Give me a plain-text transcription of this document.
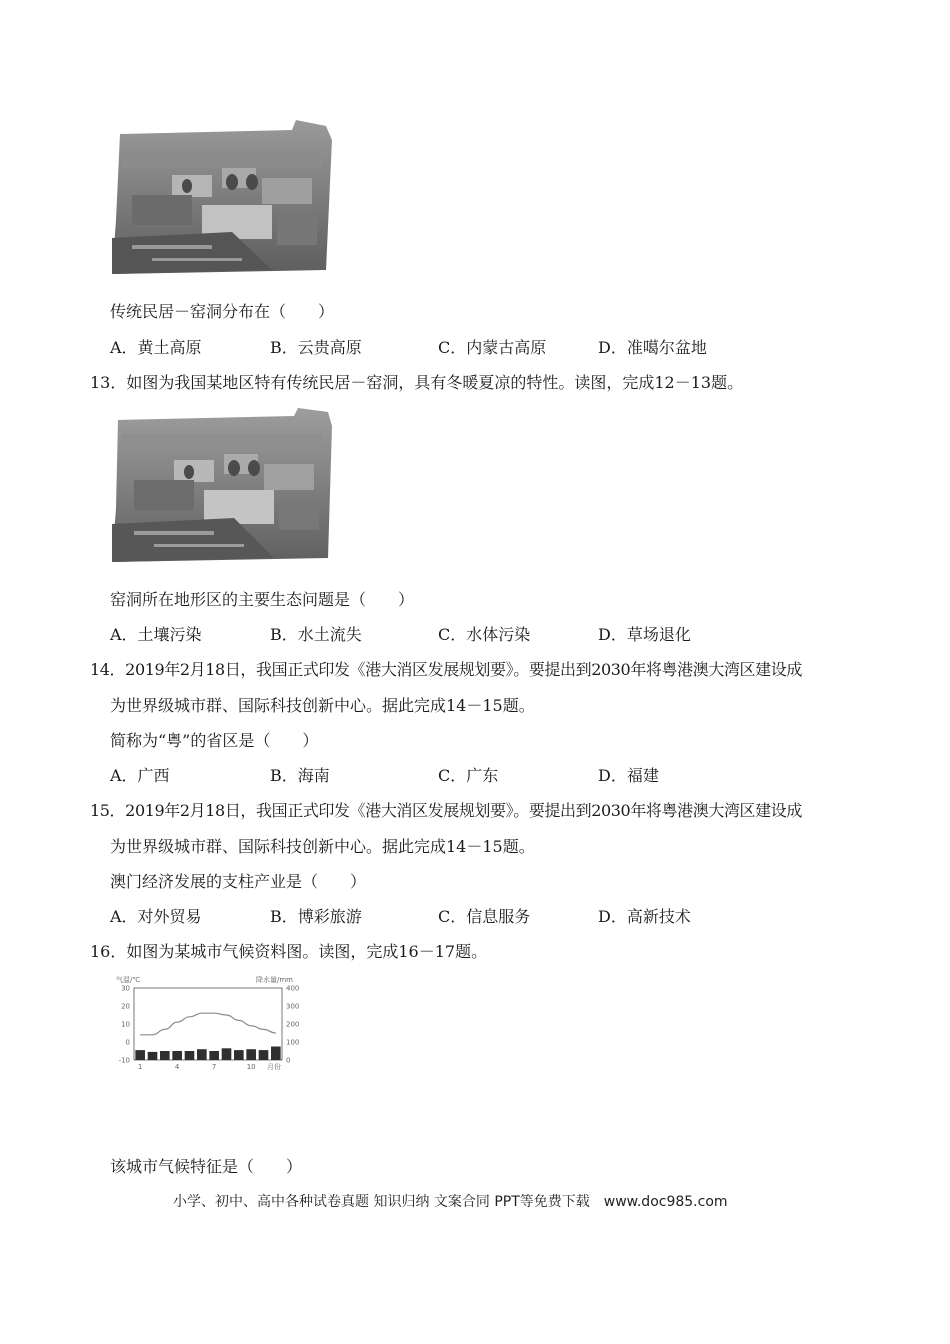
传统民居－窑洞分布在（　　）
A．黄土高原	B．云贵高原	C．内蒙古高原	D．准噶尔盆地
13．如图为我国某地区特有传统民居－窑洞，具有冬暖夏凉的特性。读图，完成12－13题。
窑洞所在地形区的主要生态问题是（　　）
A．土壤污染	B．水土流失	C．水体污染	D．草场退化
14．2019年2月18日，我国正式印发《港大消区发展规划要》。要提出到2030年将粤港澳大湾区建设成
为世界级城市群、国际科技创新中心。据此完成14－15题。
简称为“粤”的省区是（　　）
A．广西	B．海南	C．广东	D．福建
15．2019年2月18日，我国正式印发《港大消区发展规划要》。要提出到2030年将粤港澳大湾区建设成
为世界级城市群、国际科技创新中心。据此完成14－15题。
澳门经济发展的支柱产业是（　　）
A．对外贸易	B．博彩旅游	C．信息服务	D．高新技术
16．如图为某城市气候资料图。读图，完成16－17题。
气温/℃	降水量/mm
30
20
10
0
-10
400
300
200
100
0
1	4	7	10 月份
该城市气候特征是（　　）
小学、初中、高中各种试卷真题 知识归纳 文案合同 PPT等免费下载　www.doc985.com
